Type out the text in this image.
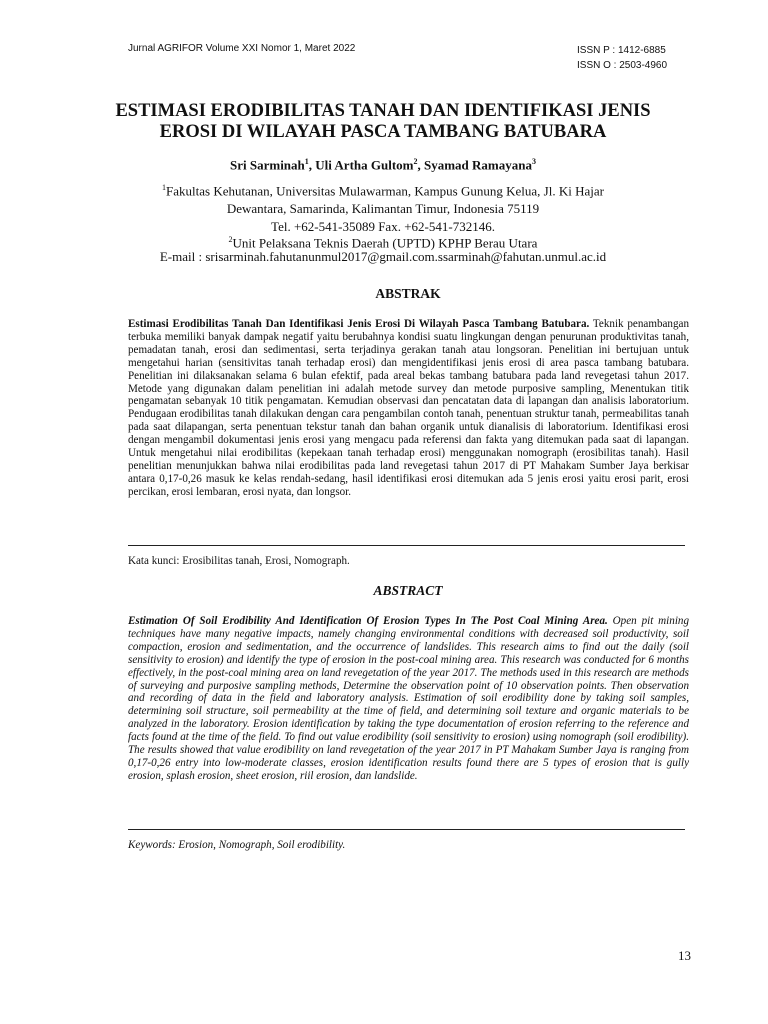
Jurnal AGRIFOR Volume XXI Nomor 1, Maret 2022	ISSN P : 1412-6885
ISSN O : 2503-4960
ESTIMASI ERODIBILITAS TANAH DAN IDENTIFIKASI JENIS
EROSI DI WILAYAH PASCA TAMBANG BATUBARA
Sri Sarminah$^1$, Uli Artha Gultom$^2$, Syamad Ramayana$^3$
$^1$Fakultas Kehutanan, Universitas Mulawarman, Kampus Gunung Kelua, Jl. Ki Hajar
Dewantara, Samarinda, Kalimantan Timur, Indonesia 75119
Tel. +62-541-35089 Fax. +62-541-732146.
$^2$Unit Pelaksana Teknis Daerah (UPTD) KPHP Berau Utara
E-mail : srisarminah.fahutanunmul2017@gmail.com.ssarminah@fahutan.unmul.ac.id
ABSTRAK
Estimasi Erodibilitas Tanah Dan Identifikasi Jenis Erosi Di Wilayah Pasca Tambang Batubara. Teknik penambangan terbuka memiliki banyak dampak negatif yaitu berubahnya kondisi suatu lingkungan dengan penurunan produktivitas tanah, pemadatan tanah, erosi dan sedimentasi, serta terjadinya gerakan tanah atau longsoran. Penelitian ini bertujuan untuk mengetahui harian (sensitivitas tanah terhadap erosi) dan mengidentifikasi jenis erosi di area pasca tambang batubara. Penelitian ini dilaksanakan selama 6 bulan efektif, pada areal bekas tambang batubara pada land revegetasi tahun 2017. Metode yang digunakan dalam penelitian ini adalah metode survey dan metode purposive sampling, Menentukan titik pengamatan sebanyak 10 titik pengamatan. Kemudian observasi dan pencatatan data di lapangan dan analisis laboratorium. Pendugaan erodibilitas tanah dilakukan dengan cara pengambilan contoh tanah, penentuan struktur tanah, permeabilitas tanah pada saat dilapangan, serta penentuan tekstur tanah dan bahan organik untuk dianalisis di laboratorium. Identifikasi erosi dengan mengambil dokumentasi jenis erosi yang mengacu pada referensi dan fakta yang ditemukan pada saat di lapangan. Untuk mengetahui nilai erodibilitas (kepekaan tanah terhadap erosi) menggunakan nomograph (erosibilitas tanah). Hasil penelitian menunjukkan bahwa nilai erodibilitas pada land revegetasi tahun 2017 di PT Mahakam Sumber Jaya berkisar antara 0,17-0,26 masuk ke kelas rendah-sedang, hasil identifikasi erosi ditemukan ada 5 jenis erosi yaitu erosi parit, erosi percikan, erosi lembaran, erosi nyata, dan longsor.
Kata kunci: Erosibilitas tanah, Erosi, Nomograph.
ABSTRACT
Estimation Of Soil Erodibility And Identification Of Erosion Types In The Post Coal Mining Area. Open pit mining techniques have many negative impacts, namely changing environmental conditions with decreased soil productivity, soil compaction, erosion and sedimentation, and the occurrence of landslides. This research aims to find out the daily (soil sensitivity to erosion) and identify the type of erosion in the post-coal mining area. This research was conducted for 6 months effectively, in the post-coal mining area on land revegetation of the year 2017. The methods used in this research are methods of surveying and purposive sampling methods, Determine the observation point of 10 observation points. Then observation and recording of data in the field and laboratory analysis. Estimation of soil erodibility done by taking soil samples, determining soil structure, soil permeability at the time of field, and determining soil texture and organic materials to be analyzed in the laboratory. Erosion identification by taking the type documentation of erosion referring to the reference and facts found at the time of the field. To find out value erodibility (soil sensitivity to erosion) using nomograph (soil erodibility). The results showed that value erodibility on land revegetation of the year 2017 in PT Mahakam Sumber Jaya is ranging from 0,17-0,26 entry into low-moderate classes, erosion identification results found there are 5 types of erosion that is gully erosion, splash erosion, sheet erosion, riil erosion, dan landslide.
Keywords: Erosion, Nomograph, Soil erodibility.
13
